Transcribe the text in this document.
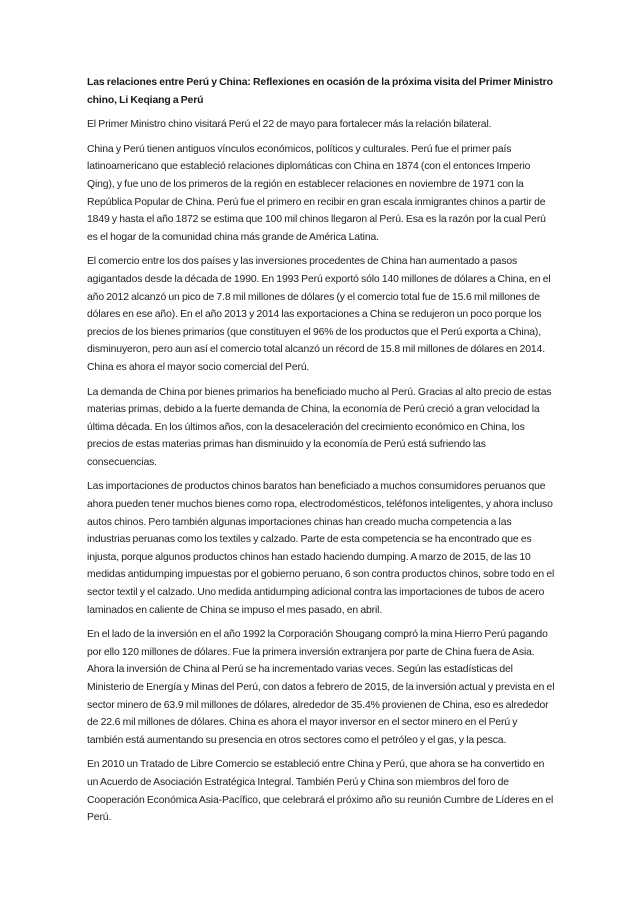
Las relaciones entre Perú y China: Reflexiones en ocasión de la próxima visita del Primer Ministro chino, Li Keqiang a Perú

El Primer Ministro chino visitará Perú el 22 de mayo para fortalecer más la relación bilateral.

China y Perú tienen antiguos vínculos económicos, políticos y culturales. Perú fue el primer país latinoamericano que estableció relaciones diplomáticas con China en 1874 (con el entonces Imperio Qing), y fue uno de los primeros de la región en establecer relaciones en noviembre de 1971 con la República Popular de China. Perú fue el primero en recibir en gran escala inmigrantes chinos a partir de 1849 y hasta el año 1872 se estima que 100 mil chinos llegaron al Perú. Esa es la razón por la cual Perú es el hogar de la comunidad china más grande de América Latina.

El comercio entre los dos países y las inversiones procedentes de China han aumentado a pasos agigantados desde la década de 1990. En 1993 Perú exportó sólo 140 millones de dólares a China, en el año 2012 alcanzó un pico de 7.8 mil millones de dólares (y el comercio total fue de 15.6 mil millones de dólares en ese año). En el año 2013 y 2014 las exportaciones a China se redujeron un poco porque los precios de los bienes primarios (que constituyen el 96% de los productos que el Perú exporta a China), disminuyeron, pero aun así el comercio total alcanzó un récord de 15.8 mil millones de dólares en 2014. China es ahora el mayor socio comercial del Perú.

La demanda de China por bienes primarios ha beneficiado mucho al Perú. Gracias al alto precio de estas materias primas, debido a la fuerte demanda de China, la economía de Perú creció a gran velocidad la última década. En los últimos años, con la desaceleración del crecimiento económico en China, los precios de estas materias primas han disminuido y la economía de Perú está sufriendo las consecuencias.

Las importaciones de productos chinos baratos han beneficiado a muchos consumidores peruanos que ahora pueden tener muchos bienes como ropa, electrodomésticos, teléfonos inteligentes, y ahora incluso autos chinos. Pero también algunas importaciones chinas han creado mucha competencia a las industrias peruanas como los textiles y calzado. Parte de esta competencia se ha encontrado que es injusta, porque algunos productos chinos han estado haciendo dumping. A marzo de 2015, de las 10 medidas antidumping impuestas por el gobierno peruano, 6 son contra productos chinos, sobre todo en el sector textil y el calzado. Uno medida antidumping adicional contra las importaciones de tubos de acero laminados en caliente de China se impuso el mes pasado, en abril.

En el lado de la inversión en el año 1992 la Corporación Shougang compró la mina Hierro Perú pagando por ello 120 millones de dólares. Fue la primera inversión extranjera por parte de China fuera de Asia. Ahora la inversión de China al Perú se ha incrementado varias veces. Según las estadísticas del Ministerio de Energía y Minas del Perú, con datos a febrero de 2015, de la inversión actual y prevista en el sector minero de 63.9 mil millones de dólares, alrededor de 35.4% provienen de China, eso es alrededor de 22.6 mil millones de dólares. China es ahora el mayor inversor en el sector minero en el Perú y también está aumentando su presencia en otros sectores como el petróleo y el gas, y la pesca.

En 2010 un Tratado de Libre Comercio se estableció entre China y Perú, que ahora se ha convertido en un Acuerdo de Asociación Estratégica Integral. También Perú y China son miembros del foro de Cooperación Económica Asia-Pacífico, que celebrará el próximo año su reunión Cumbre de Líderes en el Perú.
